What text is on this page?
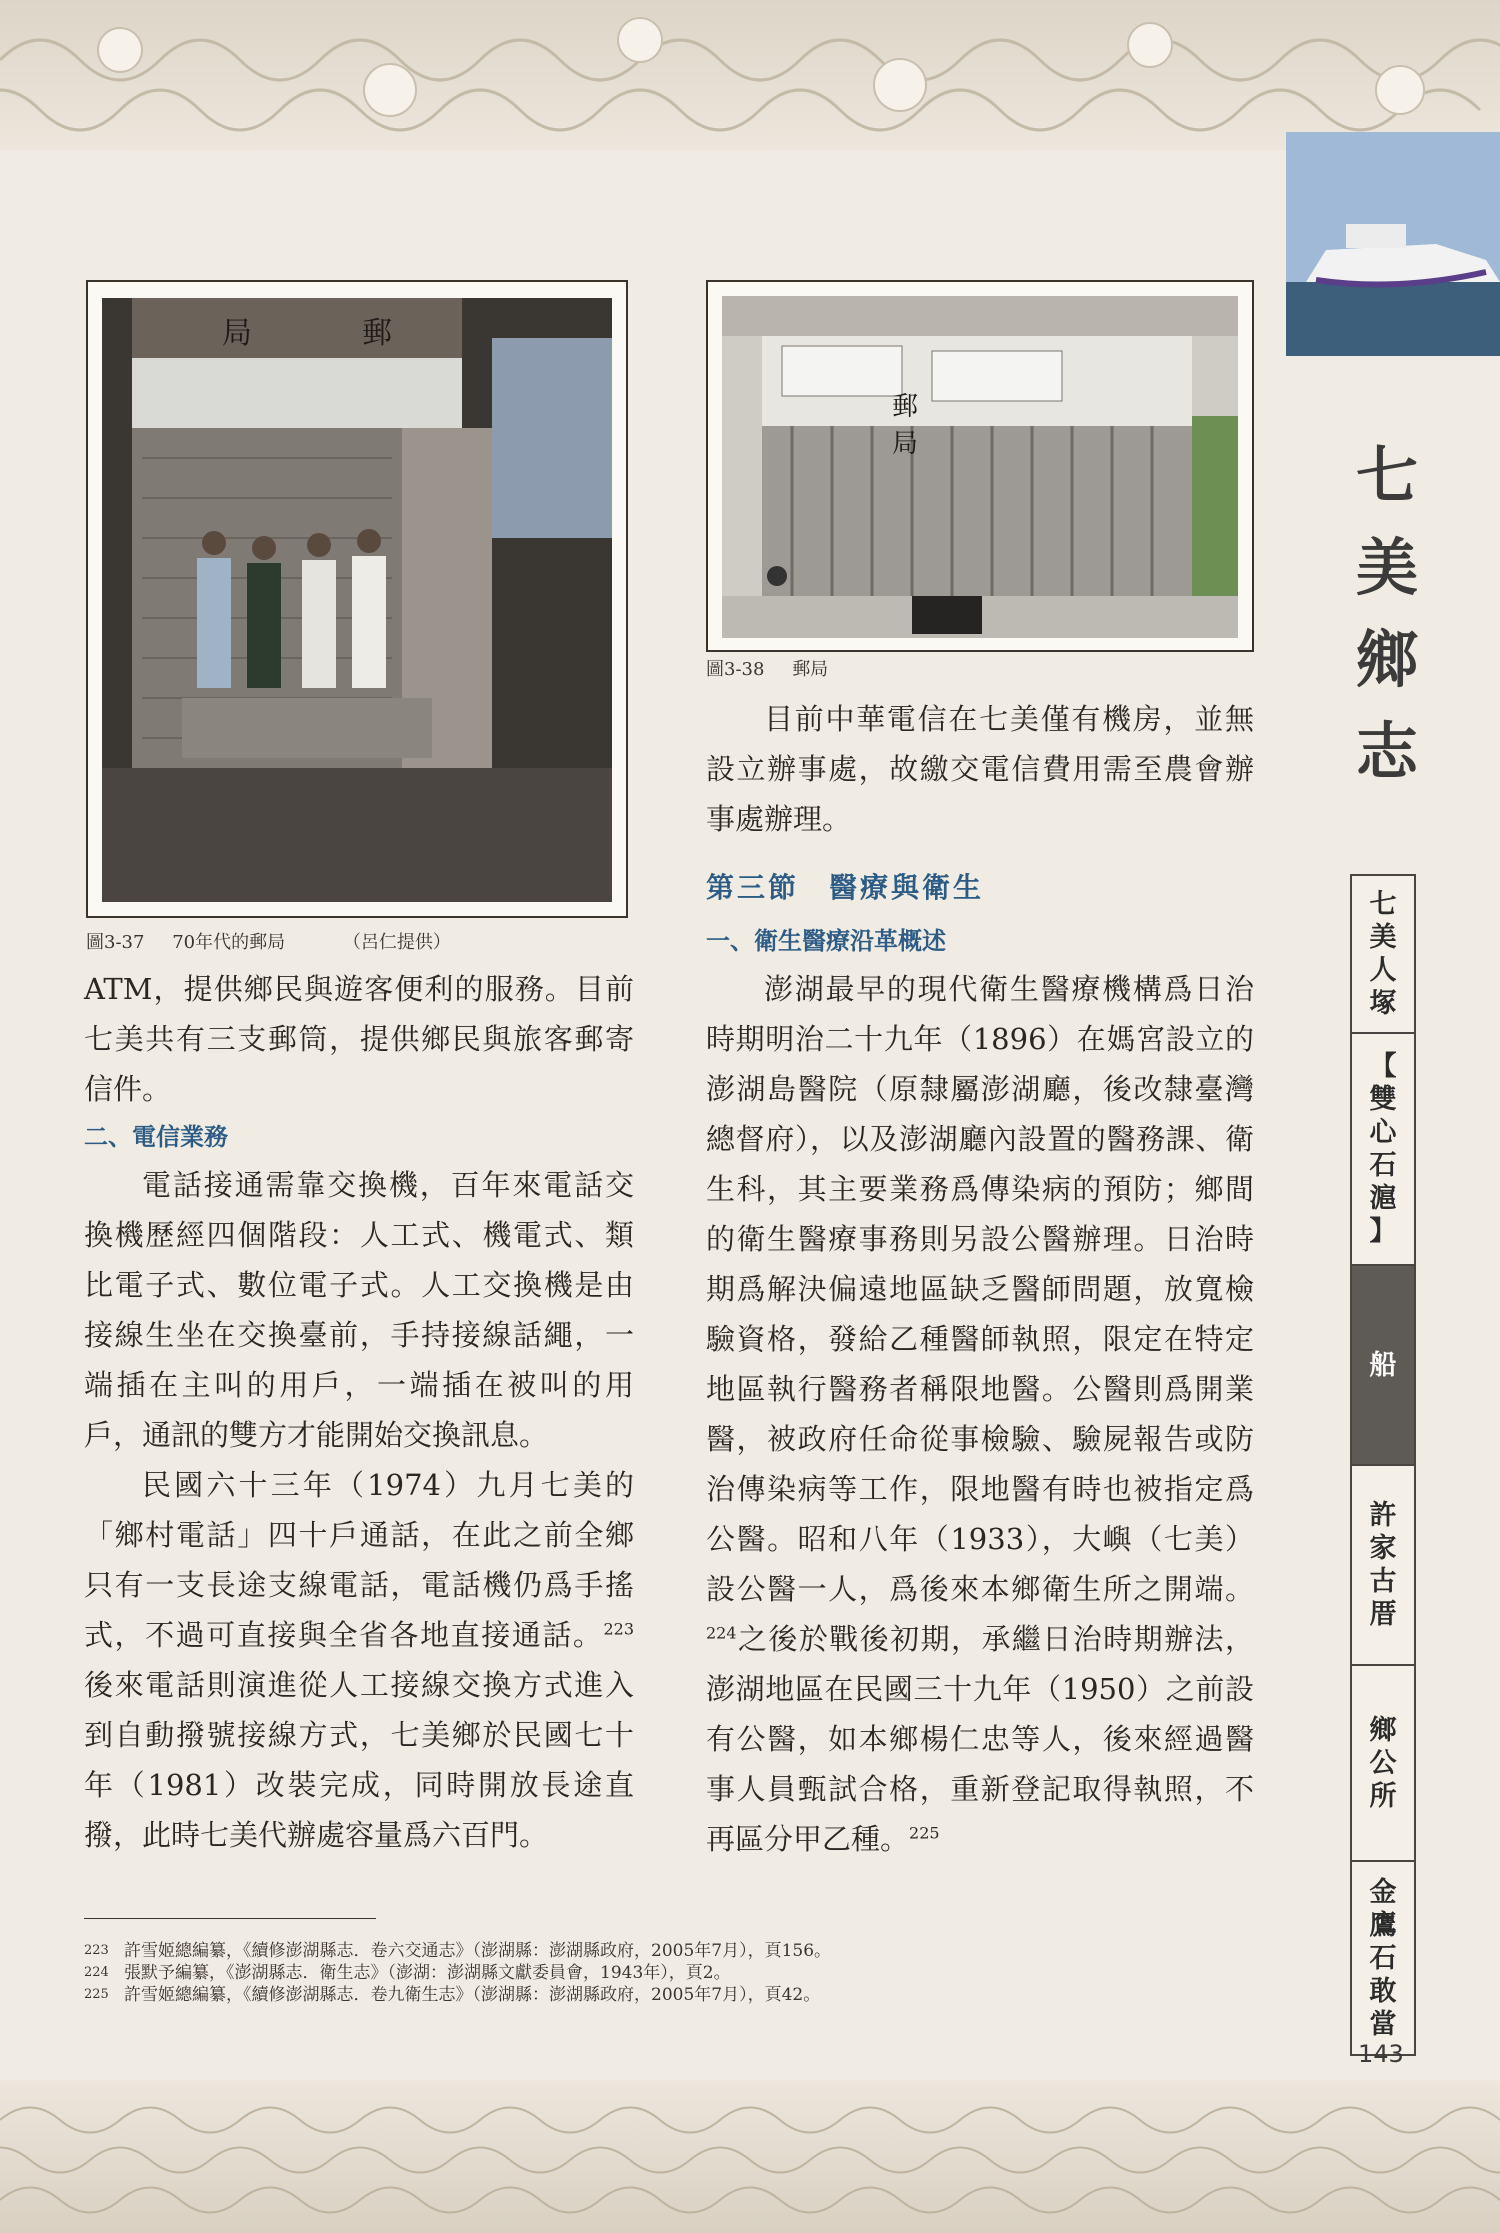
局　郵
圖3-37 70年代的郵局	（呂仁提供）
郵　局
圖3-38 郵局

ATM，提供鄉民與遊客便利的服務。目前七美共有三支郵筒，提供鄉民與旅客郵寄信件。

二、電信業務

電話接通需靠交換機，百年來電話交換機歷經四個階段：人工式、機電式、類比電子式、數位電子式。人工交換機是由接線生坐在交換臺前，手持接線話繩，一端插在主叫的用戶，一端插在被叫的用戶，通訊的雙方才能開始交換訊息。

民國六十三年（1974）九月七美的「鄉村電話」四十戶通話，在此之前全鄉只有一支長途支線電話，電話機仍爲手搖式，不過可直接與全省各地直接通話。$^{223}$後來電話則演進從人工接線交換方式進入到自動撥號接線方式，七美鄉於民國七十年（1981）改裝完成，同時開放長途直撥，此時七美代辦處容量爲六百門。

目前中華電信在七美僅有機房，並無設立辦事處，故繳交電信費用需至農會辦事處辦理。

第三節 醫療與衛生
一、衛生醫療沿革概述

澎湖最早的現代衛生醫療機構爲日治時期明治二十九年（1896）在媽宮設立的澎湖島醫院（原隸屬澎湖廳，後改隸臺灣總督府），以及澎湖廳內設置的醫務課、衛生科，其主要業務爲傳染病的預防；鄉間的衛生醫療事務則另設公醫辦理。日治時期爲解決偏遠地區缺乏醫師問題，放寬檢驗資格，發給乙種醫師執照，限定在特定地區執行醫務者稱限地醫。公醫則爲開業醫，被政府任命從事檢驗、驗屍報告或防治傳染病等工作，限地醫有時也被指定爲公醫。昭和八年（1933），大嶼（七美）設公醫一人，爲後來本鄉衛生所之開端。$^{224}$之後於戰後初期，承繼日治時期辦法，澎湖地區在民國三十九年（1950）之前設有公醫，如本鄉楊仁忠等人，後來經過醫事人員甄試合格，重新登記取得執照，不再區分甲乙種。$^{225}$

223 許雪姬總編纂，《續修澎湖縣志．卷六交通志》（澎湖縣：澎湖縣政府，2005年7月），頁156。
224 張默予編纂，《澎湖縣志．衛生志》（澎湖：澎湖縣文獻委員會，1943年），頁2。
225 許雪姬總編纂，《續修澎湖縣志．卷九衛生志》（澎湖縣：澎湖縣政府，2005年7月），頁42。
七
美
鄉
志
七
美
人
塚
【
雙
心
石
滬
】
船
許
家
古
厝
鄉
公
所
金
鷹
石
敢
當
143
